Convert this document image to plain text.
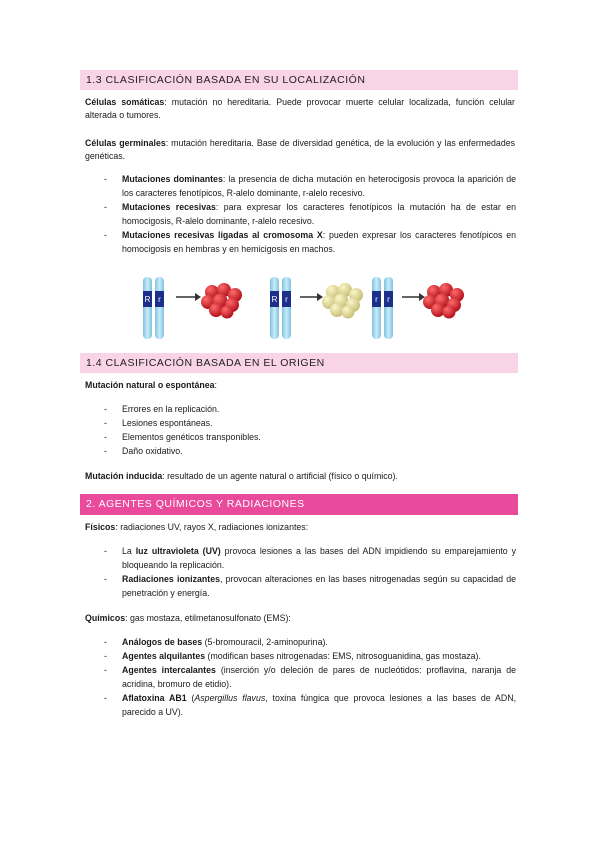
1.3 CLASIFICACIÓN BASADA EN SU LOCALIZACIÓN
Células somáticas: mutación no hereditaria. Puede provocar muerte celular localizada, función celular alterada o tumores.
Células germinales: mutación hereditaria. Base de diversidad genética, de la evolución y las enfermedades genéticas.
- Mutaciones dominantes: la presencia de dicha mutación en heterocigosis provoca la aparición de los caracteres fenotípicos, R-alelo dominante, r-alelo recesivo.
- Mutaciones recesivas: para expresar los caracteres fenotípicos la mutación ha de estar en homocigosis, R-alelo dominante, r-alelo recesivo.
- Mutaciones recesivas ligadas al cromosoma X: pueden expresar los caracteres fenotípicos en homocigosis en hembras y en hemicigosis en machos.
R r	R r	r r
1.4 CLASIFICACIÓN BASADA EN EL ORIGEN
Mutación natural o espontánea:
- Errores en la replicación.
- Lesiones espontáneas.
- Elementos genéticos transponibles.
- Daño oxidativo.
Mutación inducida: resultado de un agente natural o artificial (físico o químico).
2. AGENTES QUÍMICOS Y RADIACIONES
Físicos: radiaciones UV, rayos X, radiaciones ionizantes:
- La luz ultravioleta (UV) provoca lesiones a las bases del ADN impidiendo su emparejamiento y bloqueando la replicación.
- Radiaciones ionizantes, provocan alteraciones en las bases nitrogenadas según su capacidad de penetración y energía.
Químicos: gas mostaza, etilmetanosulfonato (EMS):
- Análogos de bases (5-bromouracil, 2-aminopurina).
- Agentes alquilantes (modifican bases nitrogenadas: EMS, nitrosoguanidina, gas mostaza).
- Agentes intercalantes (inserción y/o deleción de pares de nucleótidos: proflavina, naranja de acridina, bromuro de etidio).
- Aflatoxina AB1 (Aspergillus flavus, toxina fúngica que provoca lesiones a las bases de ADN, parecido a UV).
